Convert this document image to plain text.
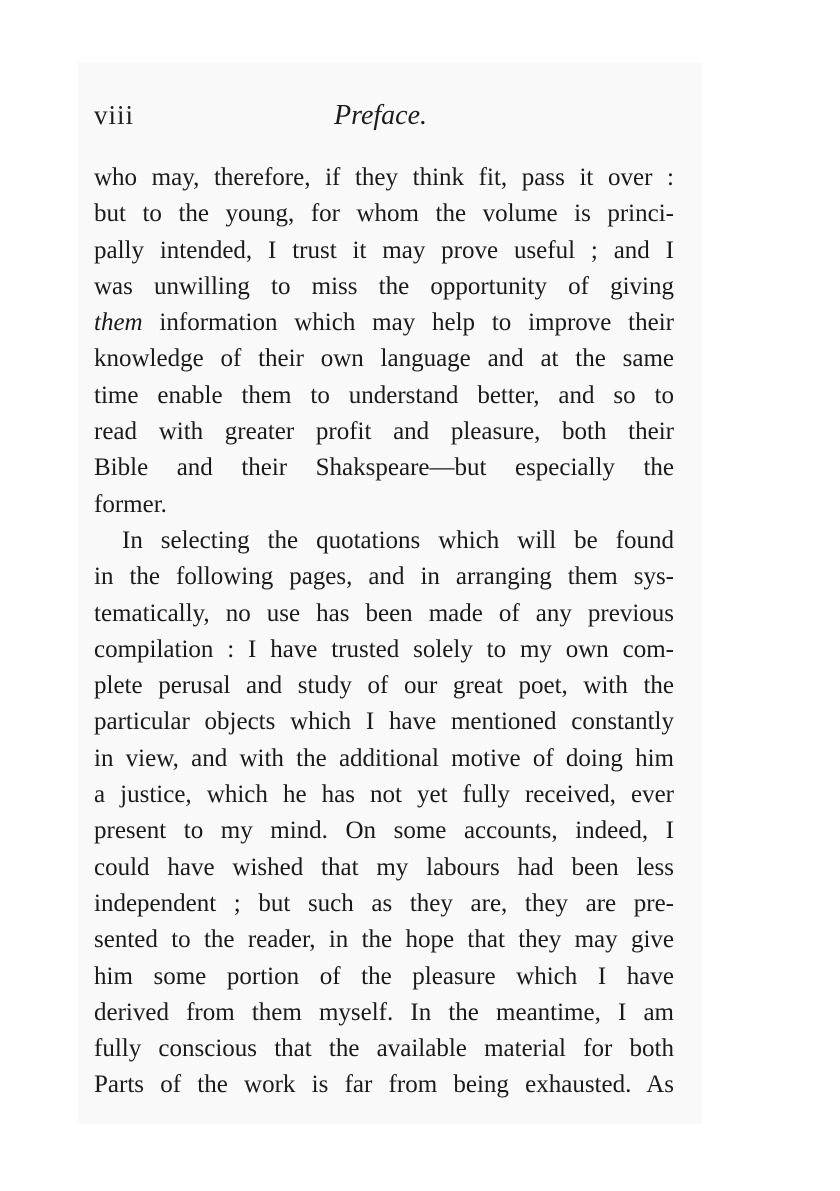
viii	Preface.
who may, therefore, if they think fit, pass it over :
but to the young, for whom the volume is princi-
pally intended, I trust it may prove useful ; and I
was unwilling to miss the opportunity of giving
them information which may help to improve their
knowledge of their own language and at the same
time enable them to understand better, and so to
read with greater profit and pleasure, both their
Bible and their Shakspeare—but especially the
former.
In selecting the quotations which will be found
in the following pages, and in arranging them sys-
tematically, no use has been made of any previous
compilation : I have trusted solely to my own com-
plete perusal and study of our great poet, with the
particular objects which I have mentioned constantly
in view, and with the additional motive of doing him
a justice, which he has not yet fully received, ever
present to my mind. On some accounts, indeed, I
could have wished that my labours had been less
independent ; but such as they are, they are pre-
sented to the reader, in the hope that they may give
him some portion of the pleasure which I have
derived from them myself. In the meantime, I am
fully conscious that the available material for both
Parts of the work is far from being exhausted. As
